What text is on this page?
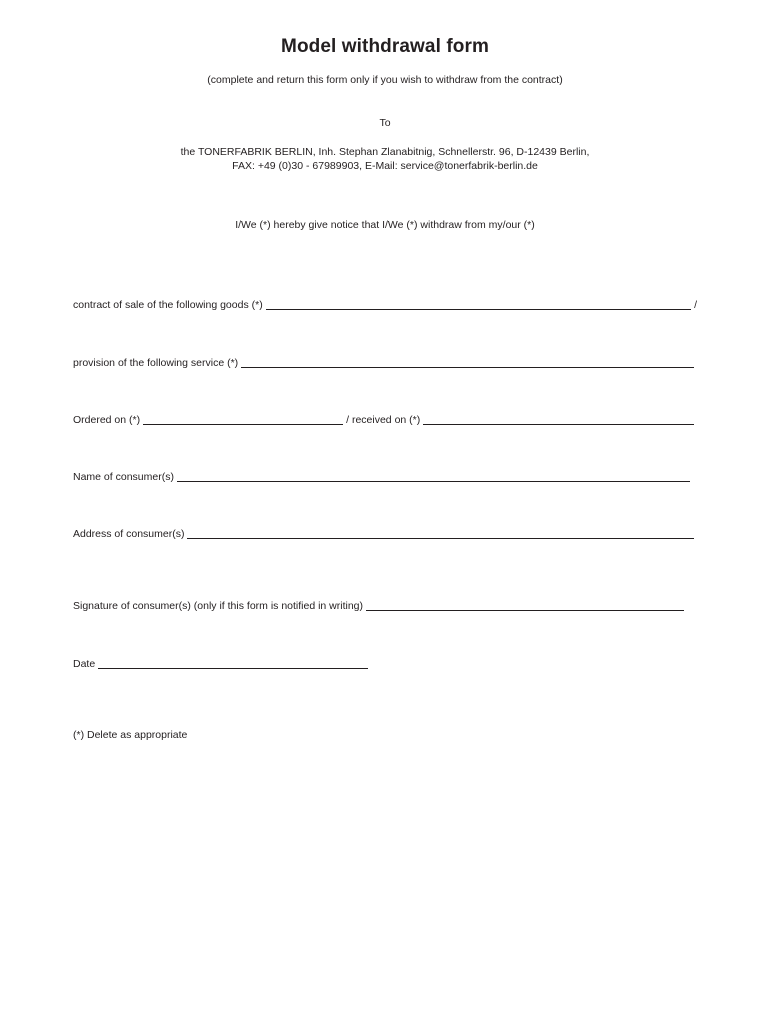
Model withdrawal form
(complete and return this form only if you wish to withdraw from the contract)
To
the TONERFABRIK BERLIN, Inh. Stephan Zlanabitnig, Schnellerstr. 96, D-12439 Berlin,
FAX: +49 (0)30 - 67989903, E-Mail: service@tonerfabrik-berlin.de
I/We (*) hereby give notice that I/We (*) withdraw from my/our (*)
contract of sale of the following goods (*)	/
provision of the following service (*)
Ordered on (*)	/ received on (*)
Name of consumer(s)
Address of consumer(s)
Signature of consumer(s) (only if this form is notified in writing)
Date
(*) Delete as appropriate
